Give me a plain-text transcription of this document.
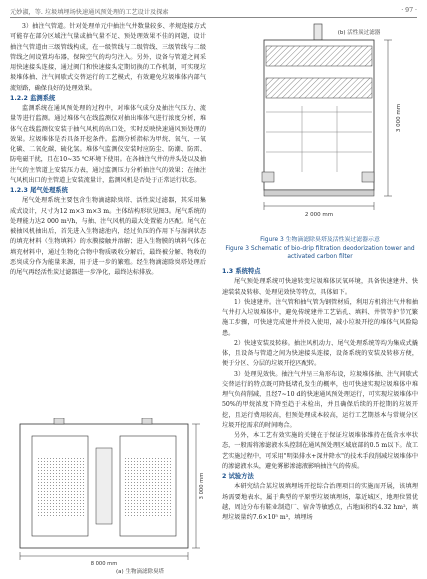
元妙淑，等. 垃圾填埋场快速通风预处理的工艺设计及探索	· 97 ·

3）抽注气管道。针对处理单元中抽注气井数量较多、孝规连接方式可能存在部分区域注气量或抽气量不足、预处理效果不佳的问题，设计抽注气管道由三级管线构成，在一级管线与二级管线、三级管线与二级管线之间设置均布器，保障空气的均匀注入。另外，设备与管道之间采用快速接头连接，通过阀门和快速接头定期切换的工作机制，可实现垃圾堆体抽、注气间歇式交替运行的工艺模式，有效避免垃圾堆体内部气流短路，确保良好的处理效果。

1.2.2 监测系统

监测系统在通风预处理的过程中，对堆体气成分及抽注气压力、流量等进行监测。通过堆体气在线监测仪对抽出堆体气进行浓度分析，堆体气在线监测仪安装于抽气风机的出口处，实时反映快速通风预处理的效果。垃圾堆体是否具备开挖条件。监测分析指标为甲烷、氧气、一氧化碳、二氧化碳、硫化氢。堆体气监测仪安装时应防尘、防潮、防雷、防电磁干扰，且在10~35 ℃环境下使用。在各抽注气井的井头处以及抽注气的主管道上安装压力表，通过监测压力分析抽注气的效果；在抽注气风机出口的主管道上安装流量计，监测风机是否处于正常运行状态。

1.2.3 尾气处理系统

尾气处理系统主要包含生物滴滤除臭塔、活性炭过滤器，其采用集成式设计，尺寸为12 m×3 m×3 m。主体结构形状见图3。尾气系统的处理能力达2 000 m³/h，与抽、注气风机的最大处置能力匹配。尾气在被抽风机抽出后，首先进入生物滤池内，经过负压的作用下与湿润状态的填充材料（生物填料）的水膜接触并溶解；进入生物膜的填料气体在填充材料中，通过生物化合物中物质吸收分解后，最终被分解、物收的恶臭成分作为能量来源，用于进一步的繁殖。经生物滴滤除臭塔处理后的尾气再经活性炭过滤器进一步净化，最终达标排放。

3 000 mm
2 000 mm
(b) 活性炭过滤器
Figure 3 生物滴滤除臭塔及活性炭过滤器示意
Figure 3 Schematic of bio-drip filtration deodorization tower and
activated carbon filter
1.3 系统特点

尾气预处理系统可快速转变垃圾堆体厌氧环境，具备快速建井、快速装装及转移、处理见效快等特点，具体如下。

1）快速建井。注气管和抽气管为钢管材质，利用方机将注气井和抽气井打入垃圾堆体中，避免传统建井工艺钻孔、填料、井管等护节冗繁施工步骤，可快速完成建井并投入使用，减小垃圾开挖的堆体气风险隐患。

2）快速安装及转移。抽注风机动力、尾气处理系统等均为集成式撬体，且设备与管道之间为快速接头连接，设备系统的安装及转移方便，便于分区、分层的垃圾开挖匹配转。

3）处理见效快。抽注气井呈三角形布设，垃圾堆体抽、注气间歇式交替运行的特点既可降低堵孔发生的概率，也可快速实现垃圾堆体中堆埋气负荷削减，且经7~10 d的快速通风预处理运行，可实现垃圾堆体中50%的甲烷浓度下降至趋于未检出，并且确保后续的开挖期的垃圾开挖，且运行费用较高，但预处理成本较高，运行工艺期基本与常规分区垃圾开挖需求的时间吻合。

另外，本工艺有效实施的关键在于保证垃圾堆体维持在低含水率状态，一般需将渗滤液水头控制在通风预处理区域底部的0.5 m以下。故工艺实施过程中，可采用"明渠排水+深井降水"的技术手段削减垃圾堆体中的渗滤液水头，避免雾影渗滤液影响抽注气的传质。

2 试验方法

本研究结合某垃圾填埋场开挖综合治理项目的实施而开展，该填埋场需要地表水，属于典型的平原型垃圾填埋场，靠近城区，地理位置优越，周边分布有鞋业制造厂、宿舍等敏感点，占地面积约4.32 hm²，填埋垃圾量约7.6×10⁵ m³，填埋场

3 000 mm
8 000 mm
(a) 生物滴滤除臭塔
